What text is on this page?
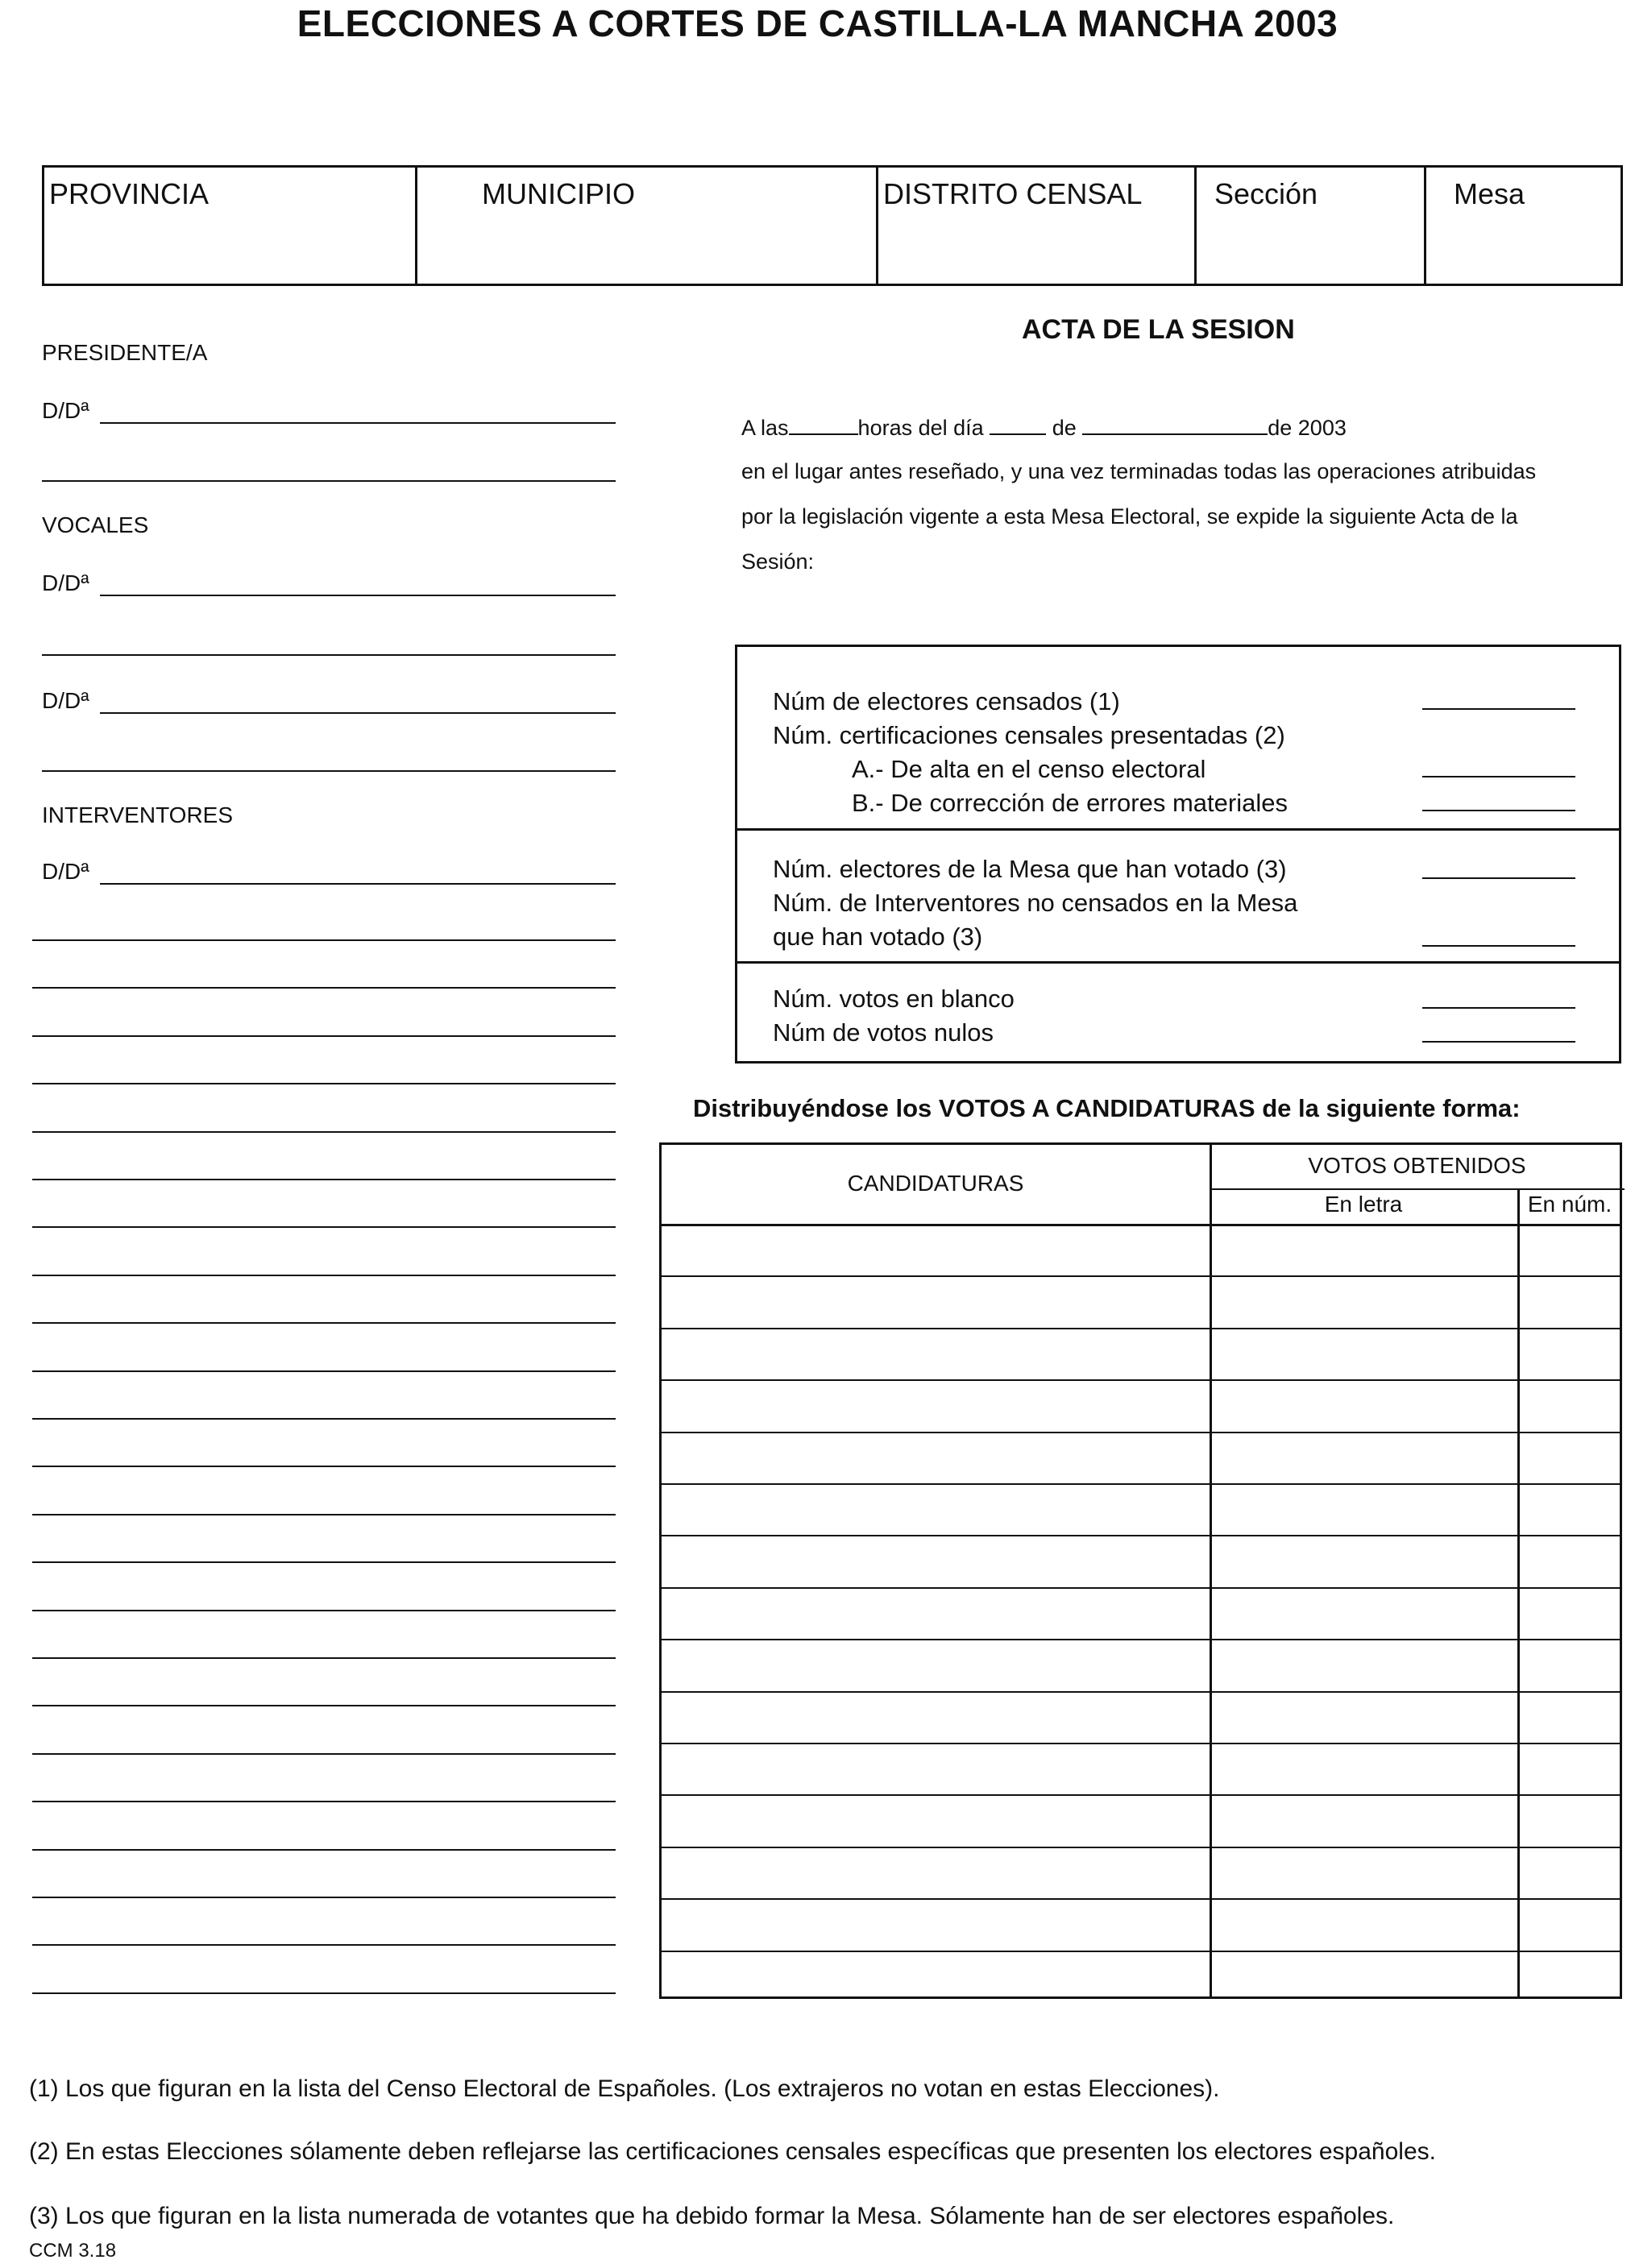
ELECCIONES A CORTES DE CASTILLA-LA MANCHA 2003
PROVINCIA	MUNICIPIO	DISTRITO CENSAL	Sección	Mesa
PRESIDENTE/A
D/Dª
VOCALES
D/Dª
D/Dª
INTERVENTORES
D/Dª
ACTA DE LA SESION
A las	horas del día	de	de 2003
en el lugar antes reseñado, y una vez terminadas todas las operaciones atribuidas
por la legislación vigente a esta Mesa Electoral, se expide la siguiente Acta de la
Sesión:
Núm de electores censados (1)
Núm. certificaciones censales presentadas (2)
A.- De alta en el censo electoral
B.- De corrección de errores materiales
Núm. electores de la Mesa que han votado (3)
Núm. de Interventores no censados en la Mesa
que han votado (3)
Núm. votos en blanco
Núm de votos nulos
Distribuyéndose los VOTOS A CANDIDATURAS de la siguiente forma:
CANDIDATURAS
VOTOS OBTENIDOS
En letra	En núm.
(1) Los que figuran en la lista del Censo Electoral de Españoles. (Los extrajeros no votan en estas Elecciones).
(2) En estas Elecciones sólamente deben reflejarse las certificaciones censales específicas que presenten los electores españoles.
(3) Los que figuran en la lista numerada de votantes que ha debido formar la Mesa. Sólamente han de ser electores españoles.
CCM 3.18
